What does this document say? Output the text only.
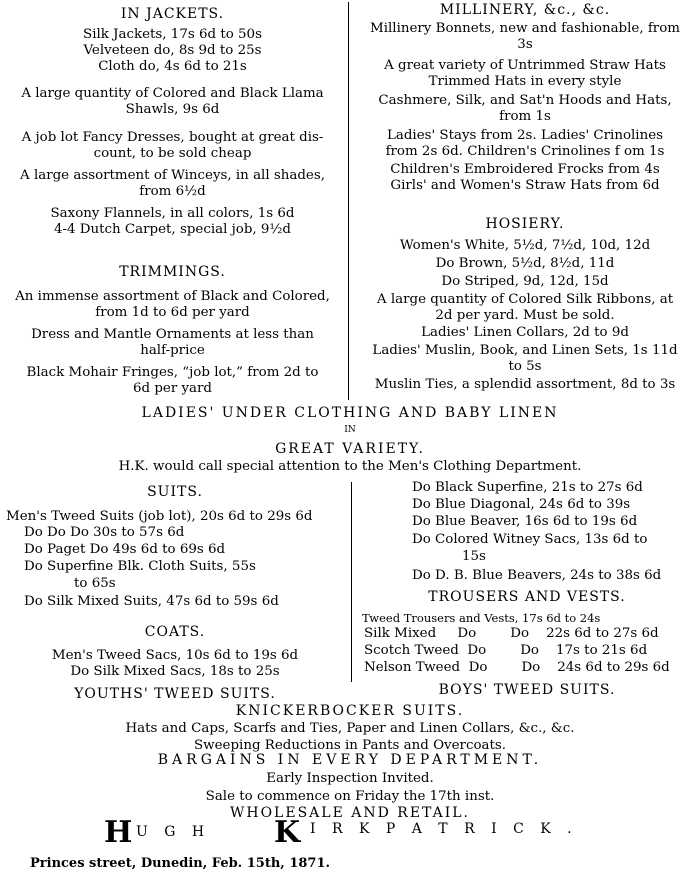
IN JACKETS.
Silk Jackets, 17s 6d to 50s
Velveteen do, 8s 9d to 25s
Cloth do, 4s 6d to 21s
A large quantity of Colored and Black Llama
Shawls, 9s 6d
A job lot Fancy Dresses, bought at great dis-
count, to be sold cheap
A large assortment of Winceys, in all shades,
from 6½d
Saxony Flannels, in all colors, 1s 6d
4-4 Dutch Carpet, special job, 9½d
TRIMMINGS.
An immense assortment of Black and Colored,
from 1d to 6d per yard
Dress and Mantle Ornaments at less than
half-price
Black Mohair Fringes, “job lot,” from 2d to
6d per yard
MILLINERY, &c., &c.
Millinery Bonnets, new and fashionable, from
3s
A great variety of Untrimmed Straw Hats
Trimmed Hats in every style
Cashmere, Silk, and Sat'n Hoods and Hats,
from 1s
Ladies' Stays from 2s. Ladies' Crinolines
from 2s 6d. Children's Crinolines f om 1s
Children's Embroidered Frocks from 4s
Girls' and Women's Straw Hats from 6d
HOSIERY.
Women's White, 5½d, 7½d, 10d, 12d
Do Brown, 5½d, 8½d, 11d
Do Striped, 9d, 12d, 15d
A large quantity of Colored Silk Ribbons, at
2d per yard. Must be sold.
Ladies' Linen Collars, 2d to 9d
Ladies' Muslin, Book, and Linen Sets, 1s 11d
to 5s
Muslin Ties, a splendid assortment, 8d to 3s
LADIES' UNDER CLOTHING AND BABY LINEN
IN
GREAT VARIETY.
H.K. would call special attention to the Men's Clothing Department.
SUITS.
Men's Tweed Suits (job lot), 20s 6d to 29s 6d
Do Do Do 30s to 57s 6d
Do Paget Do 49s 6d to 69s 6d
Do Superfine Blk. Cloth Suits, 55s
to 65s
Do Silk Mixed Suits, 47s 6d to 59s 6d
COATS.
Men's Tweed Sacs, 10s 6d to 19s 6d
Do Silk Mixed Sacs, 18s to 25s
YOUTHS' TWEED SUITS.
Do Black Superfine, 21s to 27s 6d
Do Blue Diagonal, 24s 6d to 39s
Do Blue Beaver, 16s 6d to 19s 6d
Do Colored Witney Sacs, 13s 6d to
15s
Do D. B. Blue Beavers, 24s to 38s 6d
TROUSERS AND VESTS.
Tweed Trousers and Vests, 17s 6d to 24s
Silk Mixed     Do        Do    22s 6d to 27s 6d
Scotch Tweed  Do        Do    17s to 21s 6d
Nelson Tweed  Do        Do    24s 6d to 29s 6d
BOYS' TWEED SUITS.
KNICKERBOCKER SUITS.
Hats and Caps, Scarfs and Ties, Paper and Linen Collars, &c., &c.
Sweeping Reductions in Pants and Overcoats.
BARGAINS IN EVERY DEPARTMENT.
Early Inspection Invited.
Sale to commence on Friday the 17th inst.
WHOLESALE AND RETAIL.
H U G H K I R K P A T R I C K .
Princes street, Dunedin, Feb. 15th, 1871.
